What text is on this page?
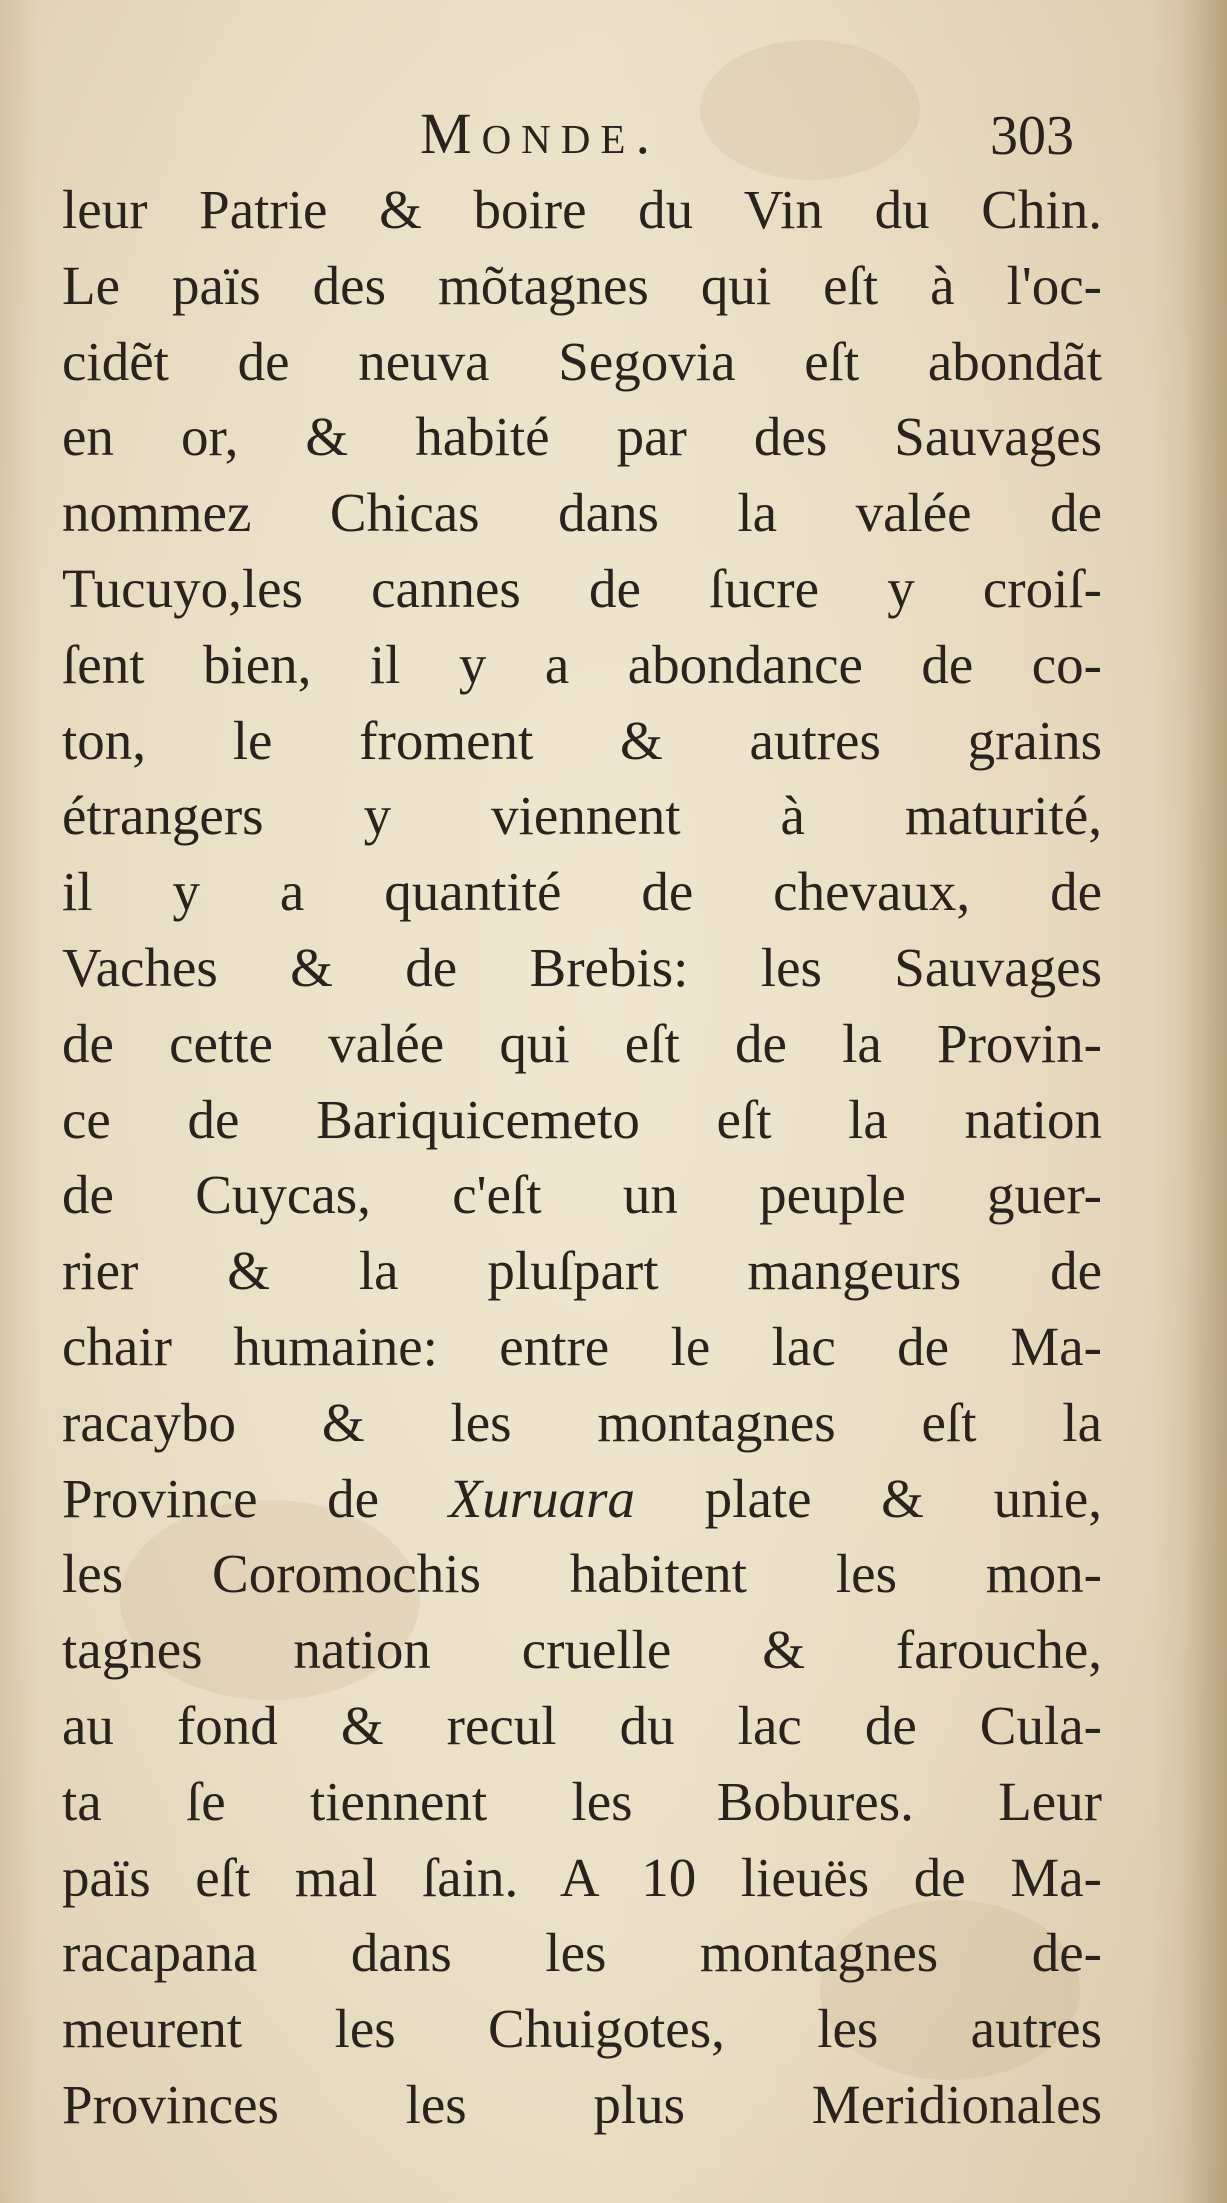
Monde.	303
leur Patrie & boire du Vin du Chin.
Le païs des mõtagnes qui eſt à l'oc-
cidẽt de neuva Segovia eſt abondãt
en or, & habité par des Sauvages
nommez Chicas dans la valée de
Tucuyo,les cannes de ſucre y croiſ-
ſent bien, il y a abondance de co-
ton, le froment & autres grains
étrangers y viennent à maturité,
il y a quantité de chevaux, de
Vaches & de Brebis: les Sauvages
de cette valée qui eſt de la Provin-
ce de Bariquicemeto eſt la nation
de Cuycas, c'eſt un peuple guer-
rier & la pluſpart mangeurs de
chair humaine: entre le lac de Ma-
racaybo & les montagnes eſt la
Province de Xuruara plate & unie,
les Coromochis habitent les mon-
tagnes nation cruelle & farouche,
au fond & recul du lac de Cula-
ta ſe tiennent les Bobures. Leur
païs eſt mal ſain. A 10 lieuës de Ma-
racapana dans les montagnes de-
meurent les Chuigotes, les autres
Provinces les plus Meridionales
